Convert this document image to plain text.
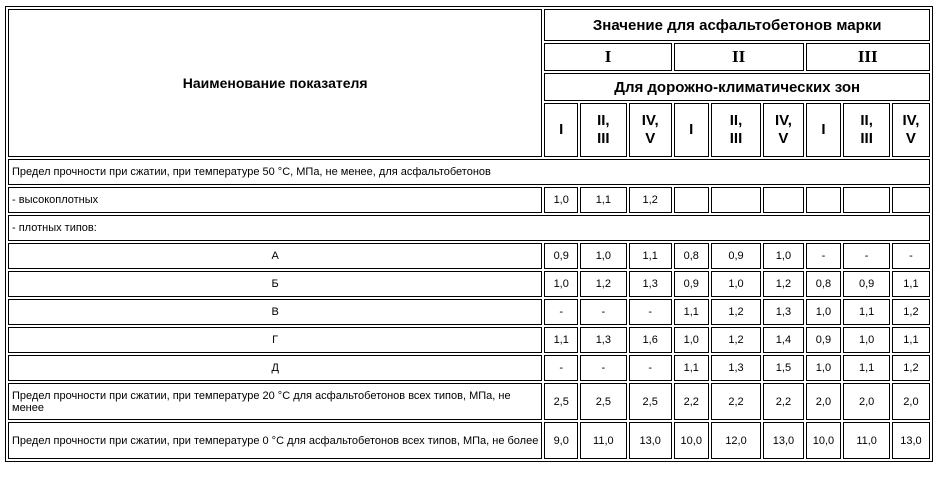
Наименование показателя	Значение для асфальтобетонов марки								
	I			II			III		
	Для дорожно-климатических зон								
	I	II,
III	IV,
V	I	II,
III	IV,
V	I	II,
III	IV,
V
Предел прочности при сжатии, при температуре 50 °С, МПа, не менее, для асфальтобетонов									
- высокоплотных	1,0	1,1	1,2						
- плотных типов:									
А	0,9	1,0	1,1	0,8	0,9	1,0	-	-	-
Б	1,0	1,2	1,3	0,9	1,0	1,2	0,8	0,9	1,1
В	-	-	-	1,1	1,2	1,3	1,0	1,1	1,2
Г	1,1	1,3	1,6	1,0	1,2	1,4	0,9	1,0	1,1
Д	-	-	-	1,1	1,3	1,5	1,0	1,1	1,2
Предел прочности при сжатии, при температуре 20 °С для асфальтобетонов всех типов, МПа, не менее	2,5	2,5	2,5	2,2	2,2	2,2	2,0	2,0	2,0
Предел прочности при сжатии, при температуре 0 °С для асфальтобетонов всех типов, МПа, не более	9,0	11,0	13,0	10,0	12,0	13,0	10,0	11,0	13,0
